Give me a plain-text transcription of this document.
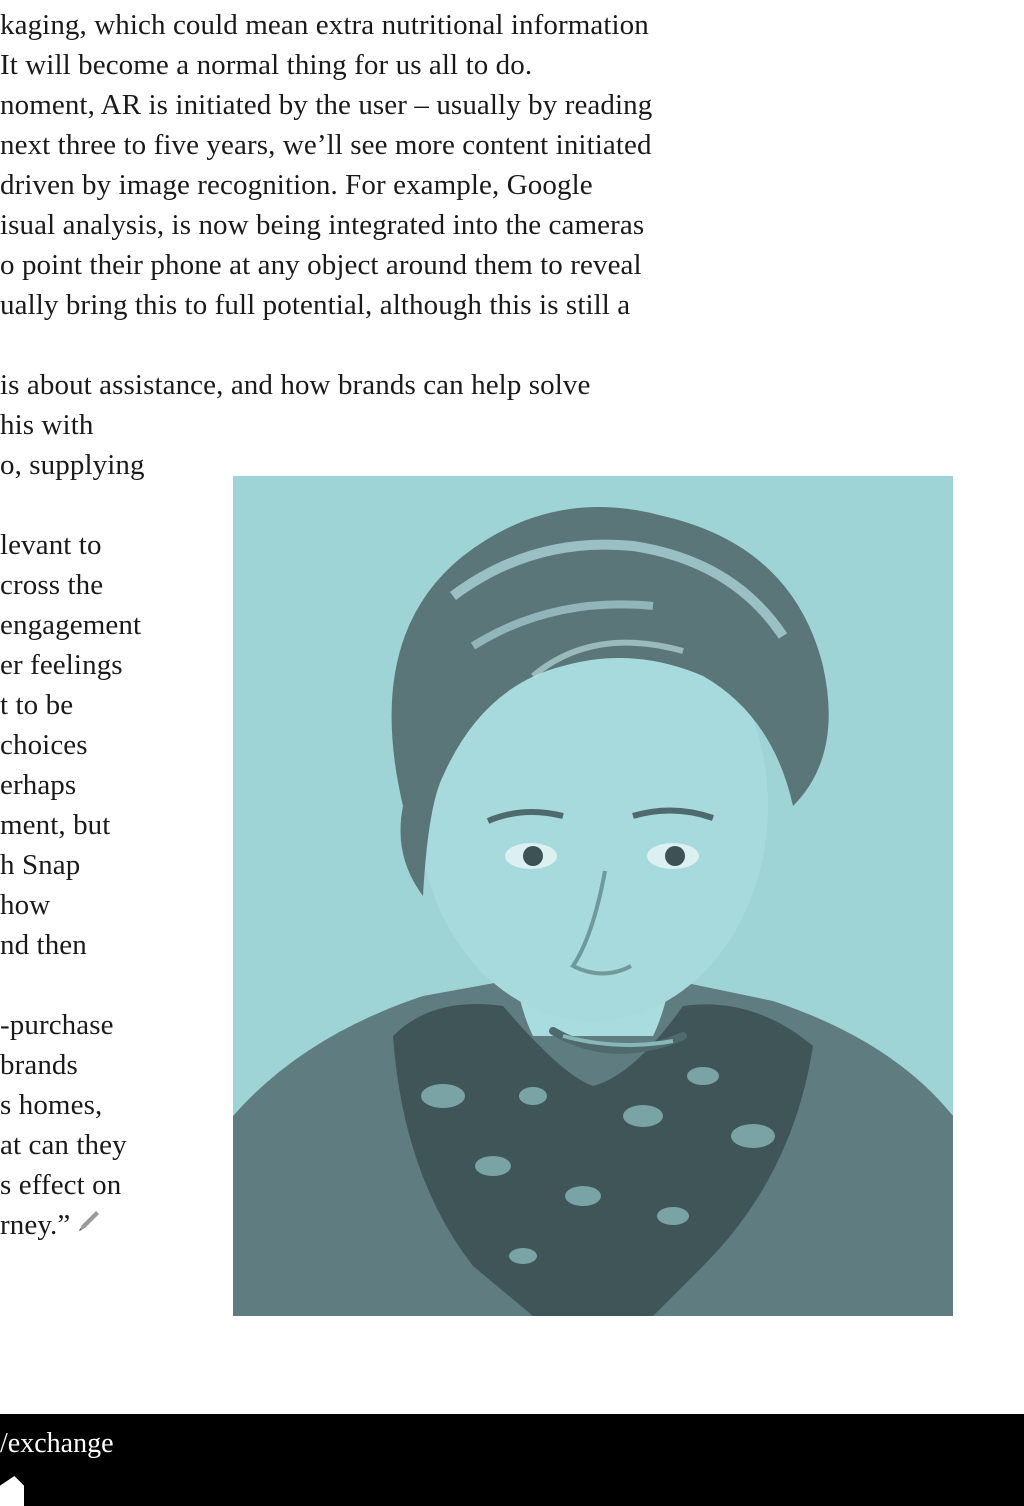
kaging, which could mean extra nutritional information
It will become a normal thing for us all to do.
noment, AR is initiated by the user – usually by reading
next three to five years, we’ll see more content initiated
driven by image recognition. For example, Google
isual analysis, is now being integrated into the cameras
o point their phone at any object around them to reveal
ually bring this to full potential, although this is still a
is about assistance, and how brands can help solve
his with
o, supplying
levant to
cross the
engagement
er feelings
t to be
choices
erhaps
ment, but
h Snap
how
nd then
-purchase
brands
s homes,
at can they
s effect on
rney.”
/exchange
